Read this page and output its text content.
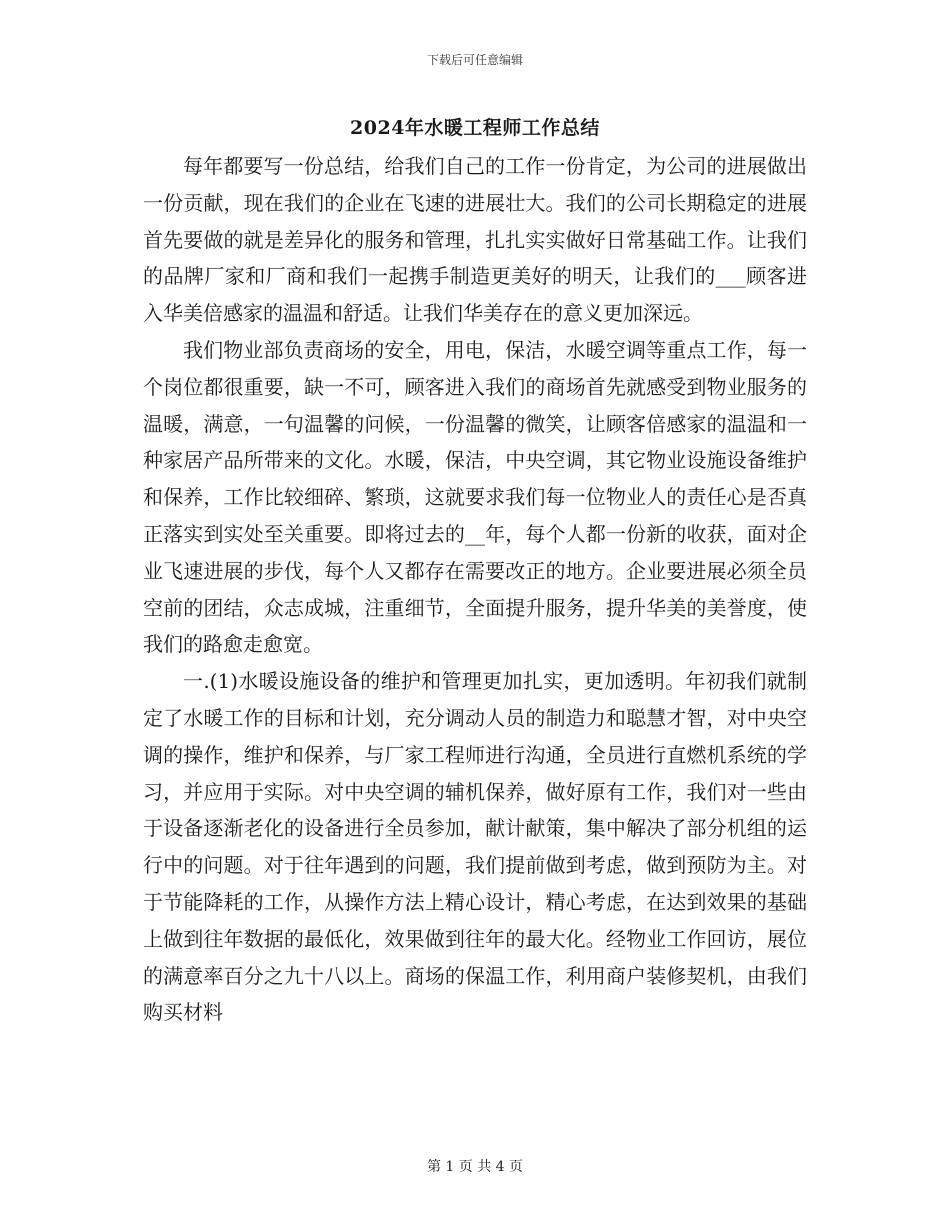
下载后可任意编辑
2024年水暖工程师工作总结

每年都要写一份总结，给我们自己的工作一份肯定，为公司的进展做出一份贡献，现在我们的企业在飞速的进展壮大。我们的公司长期稳定的进展首先要做的就是差异化的服务和管理，扎扎实实做好日常基础工作。让我们的品牌厂家和厂商和我们一起携手制造更美好的明天，让我们的___顾客进入华美倍感家的温温和舒适。让我们华美存在的意义更加深远。

我们物业部负责商场的安全，用电，保洁，水暖空调等重点工作，每一个岗位都很重要，缺一不可，顾客进入我们的商场首先就感受到物业服务的温暖，满意，一句温馨的问候，一份温馨的微笑，让顾客倍感家的温温和一种家居产品所带来的文化。水暖，保洁，中央空调，其它物业设施设备维护和保养，工作比较细碎、繁琐，这就要求我们每一位物业人的责任心是否真正落实到实处至关重要。即将过去的__年，每个人都一份新的收获，面对企业飞速进展的步伐，每个人又都存在需要改正的地方。企业要进展必须全员空前的团结，众志成城，注重细节，全面提升服务，提升华美的美誉度，使我们的路愈走愈宽。

一.(1)水暖设施设备的维护和管理更加扎实，更加透明。年初我们就制定了水暖工作的目标和计划，充分调动人员的制造力和聪慧才智，对中央空调的操作，维护和保养，与厂家工程师进行沟通，全员进行直燃机系统的学习，并应用于实际。对中央空调的辅机保养，做好原有工作，我们对一些由于设备逐渐老化的设备进行全员参加，献计献策，集中解决了部分机组的运行中的问题。对于往年遇到的问题，我们提前做到考虑，做到预防为主。对于节能降耗的工作，从操作方法上精心设计，精心考虑，在达到效果的基础上做到往年数据的最低化，效果做到往年的最大化。经物业工作回访，展位的满意率百分之九十八以上。商场的保温工作，利用商户装修契机，由我们购买材料

第 1 页 共 4 页
